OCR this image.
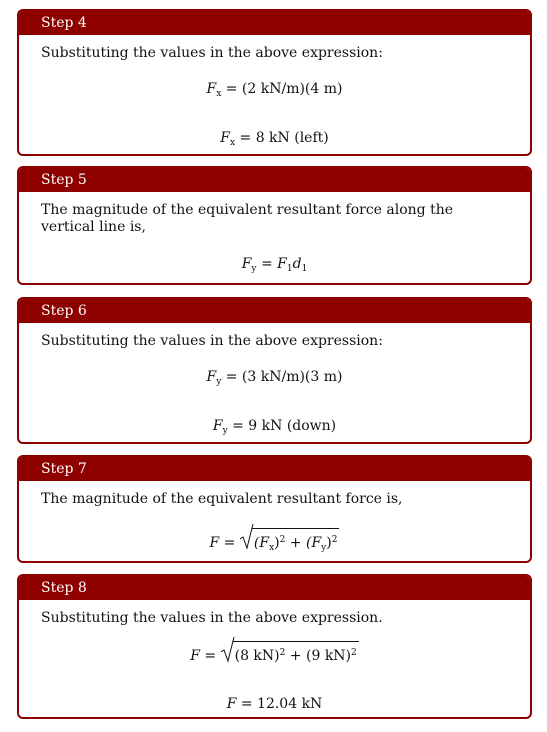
Step 4

Substituting the values in the above expression:

$F_x = (2$ kN/m)(4 m)
$F_x = 8$ kN (left)
Step 5

The magnitude of the equivalent resultant force along the vertical line is,

$F_y = F_1d_1$
Step 6

Substituting the values in the above expression:

$F_y = (3$ kN/m)(3 m)
$F_y = 9$ kN (down)
Step 7

The magnitude of the equivalent resultant force is,

F =
$(F_x)^2 + (F_y)^2$
Step 8

Substituting the values in the above expression.

F =
(8 kN)$^2$ + (9 kN)$^2$
F = 12.04 kN
